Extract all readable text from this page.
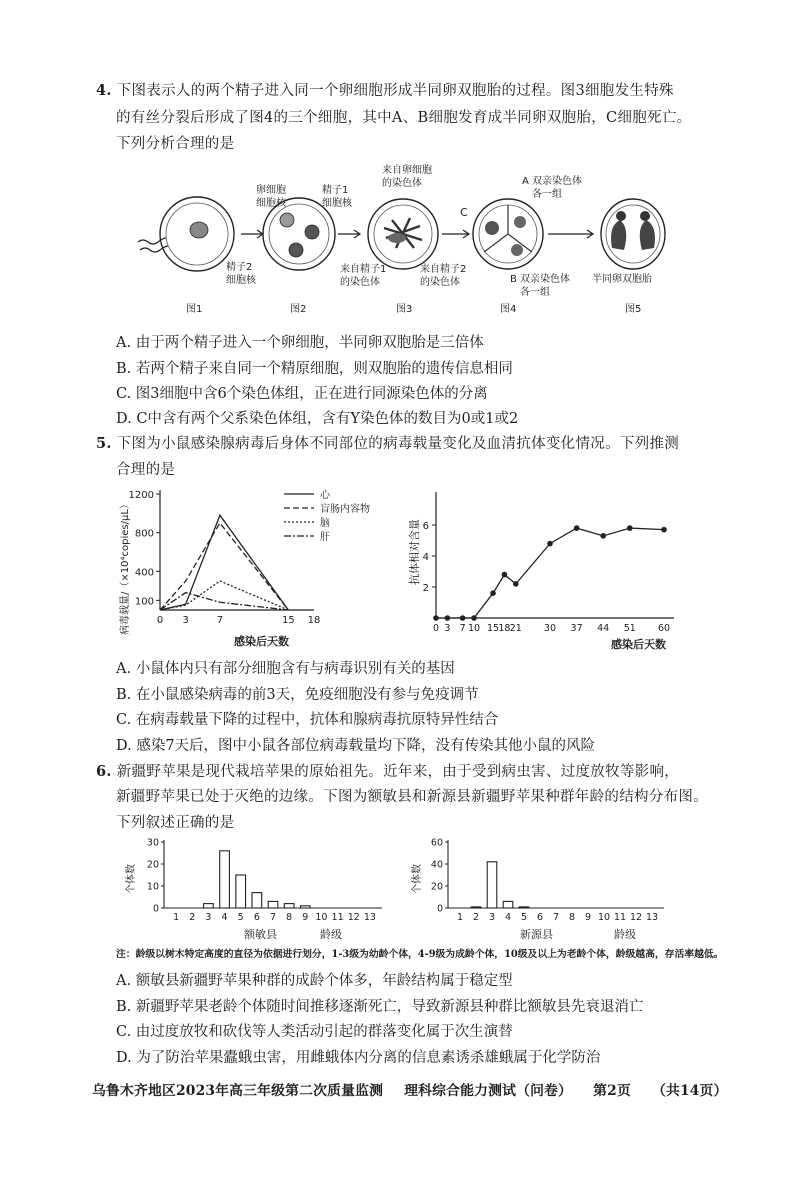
4. 下图表示人的两个精子进入同一个卵细胞形成半同卵双胞胎的过程。图3细胞发生特殊
的有丝分裂后形成了图4的三个细胞，其中A、B细胞发育成半同卵双胞胎，C细胞死亡。
下列分析合理的是
图1
卵细胞
细胞核
精子1
细胞核
精子2
细胞核
图2
来自卵细胞
的染色体
来自精子1
的染色体
来自精子2
的染色体
图3
C
A 双亲染色体
各一组
B 双亲染色体
各一组
图4
半同卵双胞胎
图5
A. 由于两个精子进入一个卵细胞，半同卵双胞胎是三倍体
B. 若两个精子来自同一个精原细胞，则双胞胎的遗传信息相同
C. 图3细胞中含6个染色体组，正在进行同源染色体的分离
D. C中含有两个父系染色体组，含有Y染色体的数目为0或1或2
5. 下图为小鼠感染腺病毒后身体不同部位的病毒载量变化及血清抗体变化情况。下列推测
合理的是
100
400
800
1200
0 3	7	15 18
心
盲肠内容物
脑
肝
感染后天数
病毒载量/（×10⁴copies/μL）	2
4
6
0 3 7 10 15 18 21 30 37 44 51 60
感染后天数
抗体相对含量
A. 小鼠体内只有部分细胞含有与病毒识别有关的基因
B. 在小鼠感染病毒的前3天，免疫细胞没有参与免疫调节
C. 在病毒载量下降的过程中，抗体和腺病毒抗原特异性结合
D. 感染7天后，图中小鼠各部位病毒载量均下降，没有传染其他小鼠的风险
6. 新疆野苹果是现代栽培苹果的原始祖先。近年来，由于受到病虫害、过度放牧等影响，
新疆野苹果已处于灭绝的边缘。下图为额敏县和新源县新疆野苹果种群年龄的结构分布图。
下列叙述正确的是
0
10
20
30
1 2 3 4 5 6 7 8 9 10 11 12 13
个体数
额敏县
0
20
40
60
1 2 3 4 5 6 7 8 9 10 11 12 13
个体数
新源县	龄级
龄级
注：龄级以树木特定高度的直径为依据进行划分，1-3级为幼龄个体，4-9级为成龄个体，10级及以上为老龄个体，龄级越高，存活率越低。
A. 额敏县新疆野苹果种群的成龄个体多，年龄结构属于稳定型
B. 新疆野苹果老龄个体随时间推移逐渐死亡，导致新源县种群比额敏县先衰退消亡
C. 由过度放牧和砍伐等人类活动引起的群落变化属于次生演替
D. 为了防治苹果蠹蛾虫害，用雌蛾体内分离的信息素诱杀雄蛾属于化学防治
乌鲁木齐地区2023年高三年级第二次质量监测 理科综合能力测试（问卷） 第2页 （共14页）
